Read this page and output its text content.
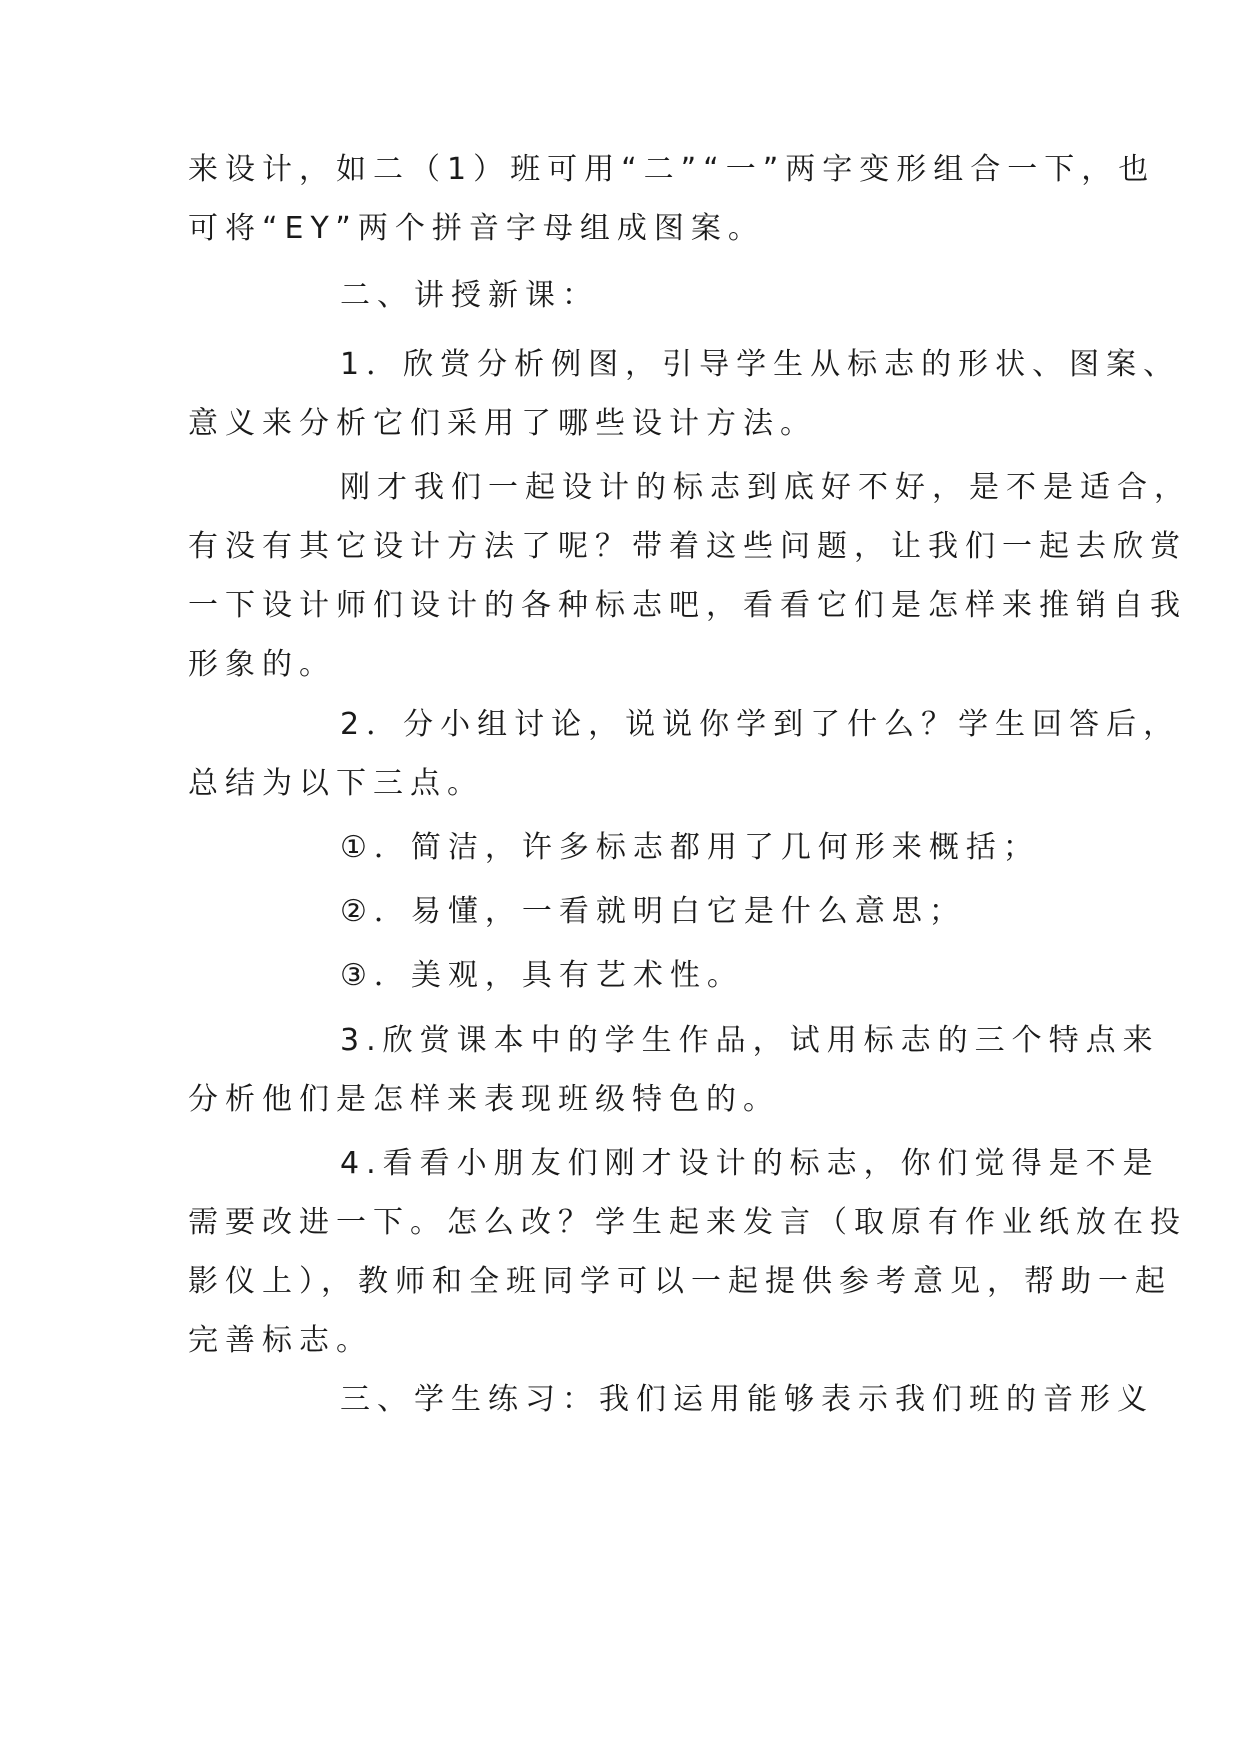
来设计，如二（1）班可用“二”“一”两字变形组合一下，也
可将“EY”两个拼音字母组成图案。
二、讲授新课：
1．欣赏分析例图，引导学生从标志的形状、图案、
意义来分析它们采用了哪些设计方法。
刚才我们一起设计的标志到底好不好，是不是适合，
有没有其它设计方法了呢？带着这些问题，让我们一起去欣赏
一下设计师们设计的各种标志吧，看看它们是怎样来推销自我
形象的。
2．分小组讨论，说说你学到了什么？学生回答后，
总结为以下三点。
①．简洁，许多标志都用了几何形来概括；
②．易懂，一看就明白它是什么意思；
③．美观，具有艺术性。
3.欣赏课本中的学生作品，试用标志的三个特点来
分析他们是怎样来表现班级特色的。
4.看看小朋友们刚才设计的标志，你们觉得是不是
需要改进一下。怎么改？学生起来发言（取原有作业纸放在投
影仪上），教师和全班同学可以一起提供参考意见，帮助一起
完善标志。
三、学生练习：我们运用能够表示我们班的音形义
